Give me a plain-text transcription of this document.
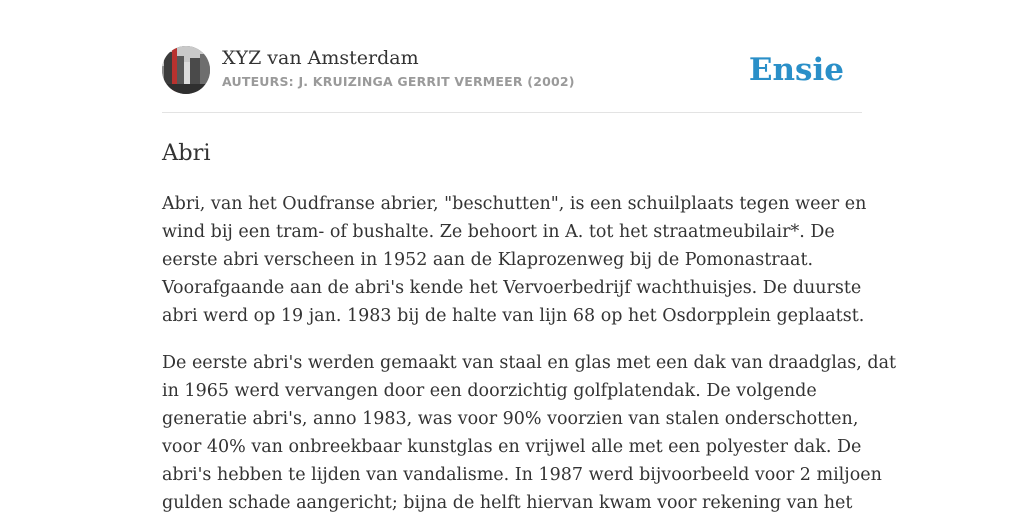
XYZ van Amsterdam
AUTEURS: J. KRUIZINGA GERRIT VERMEER (2002)	Ensie
Abri

Abri, van het Oudfranse abrier, "beschutten", is een schuilplaats tegen weer en
wind bij een tram- of bushalte. Ze behoort in A. tot het straatmeubilair*. De
eerste abri verscheen in 1952 aan de Klaprozenweg bij de Pomonastraat.
Voorafgaande aan de abri's kende het Vervoerbedrijf wachthuisjes. De duurste
abri werd op 19 jan. 1983 bij de halte van lijn 68 op het Osdorpplein geplaatst.

De eerste abri's werden gemaakt van staal en glas met een dak van draadglas, dat
in 1965 werd vervangen door een doorzichtig golfplatendak. De volgende
generatie abri's, anno 1983, was voor 90% voorzien van stalen onderschotten,
voor 40% van onbreekbaar kunstglas en vrijwel alle met een polyester dak. De
abri's hebben te lijden van vandalisme. In 1987 werd bijvoorbeeld voor 2 miljoen
gulden schade aangericht; bijna de helft hiervan kwam voor rekening van het
